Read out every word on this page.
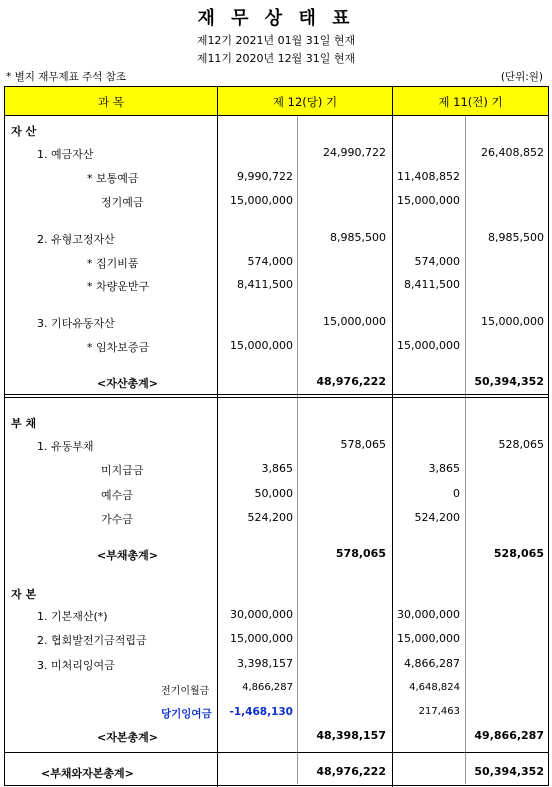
재 무 상 태 표
제12기 2021년 01월 31일 현재
제11기 2020년 12월 31일 현재
* 별지 재무제표 주석 참조	(단위:원)
과 목	제 12(당) 기	제 11(전) 기
자 산
1. 예금자산	24,990,722	26,408,852
* 보통예금	9,990,722	11,408,852
정기예금	15,000,000	15,000,000
2. 유형고정자산	8,985,500	8,985,500
* 집기비품	574,000	574,000
* 차량운반구	8,411,500	8,411,500
3. 기타유동자산	15,000,000	15,000,000
* 임차보증금	15,000,000	15,000,000
<자산총계>	48,976,222	50,394,352
부 채
1. 유동부채	578,065	528,065
미지급금	3,865	3,865
예수금	50,000	0
가수금	524,200	524,200
<부채총계>	578,065	528,065
자 본
1. 기본재산(*)	30,000,000	30,000,000
2. 협회발전기금적립금	15,000,000	15,000,000
3. 미처리잉여금	3,398,157	4,866,287
전기이월금	4,866,287	4,648,824
당기잉여금	-1,468,130	217,463
<자본총계>	48,398,157	49,866,287
<부채와자본총계>	48,976,222	50,394,352
